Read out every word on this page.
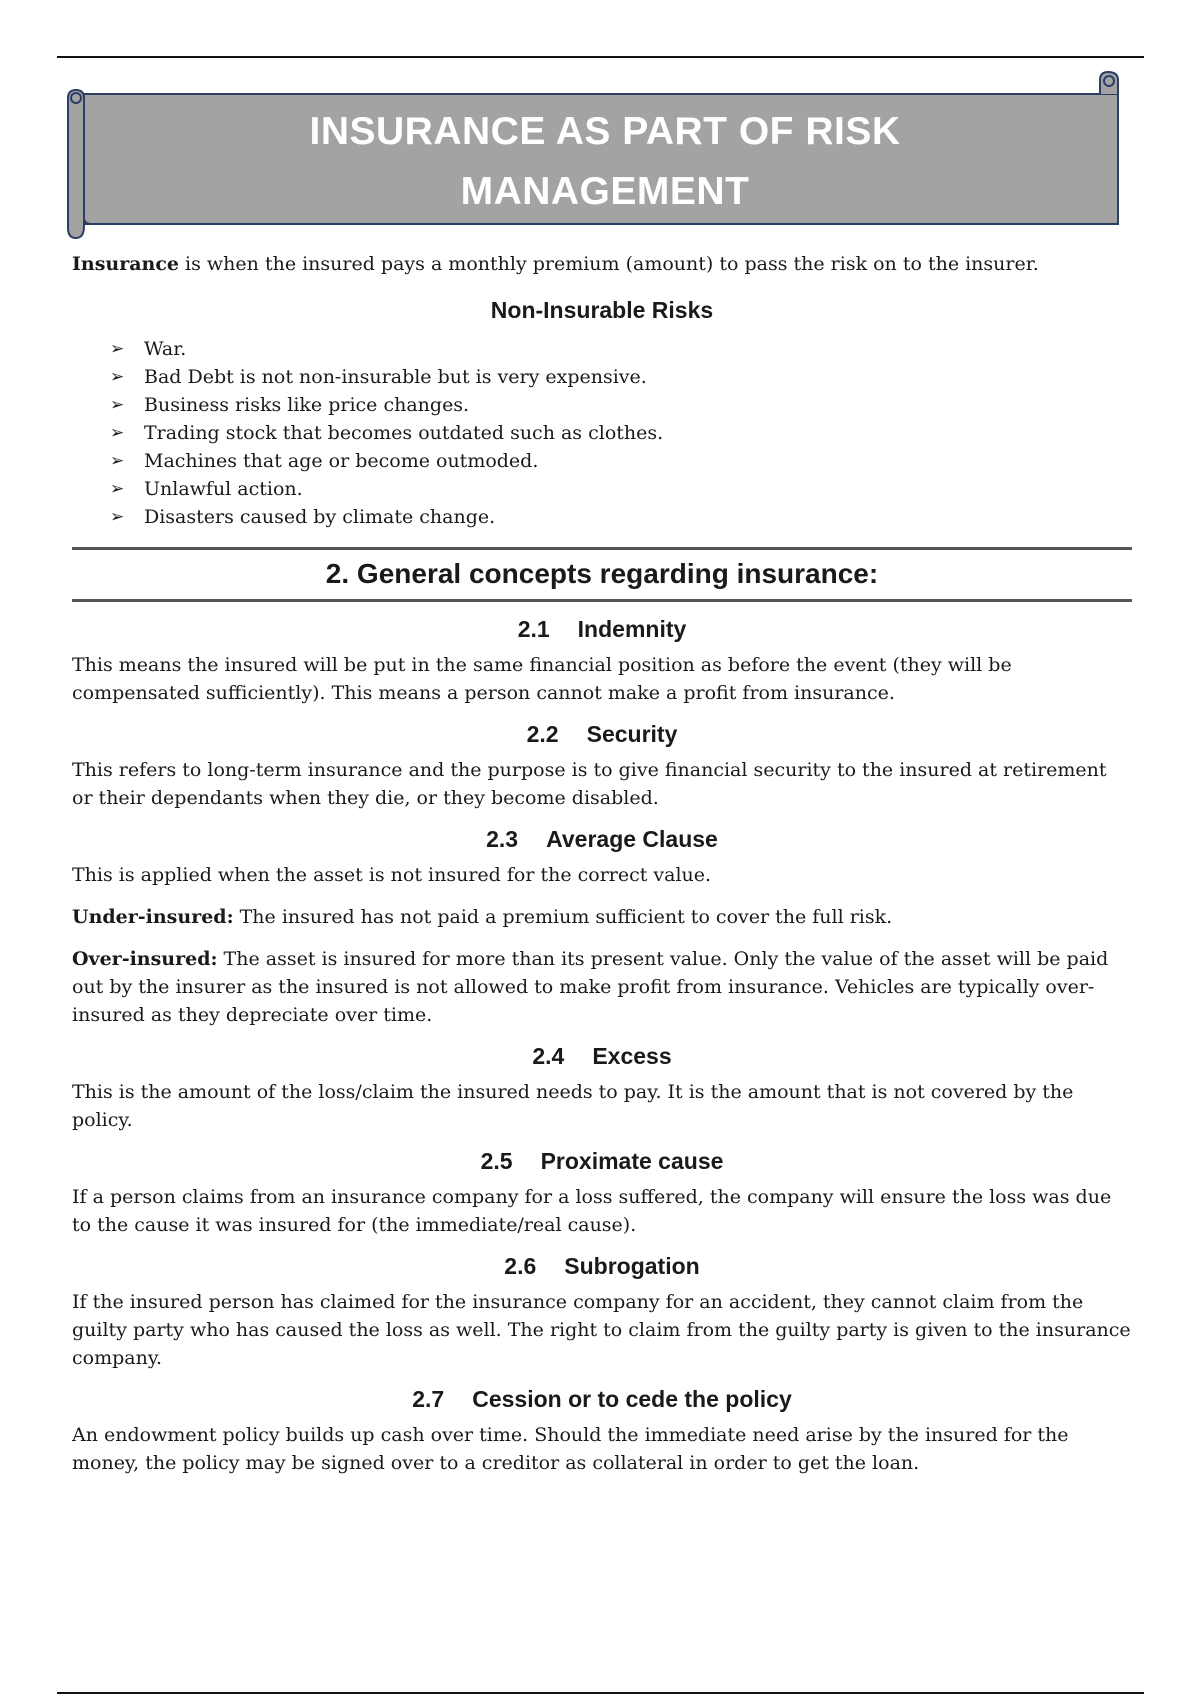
INSURANCE AS PART OF RISK
MANAGEMENT

Insurance is when the insured pays a monthly premium (amount) to pass the risk on to the insurer.

Non-Insurable Risks
➢ War.
➢ Bad Debt is not non-insurable but is very expensive.
➢ Business risks like price changes.
➢ Trading stock that becomes outdated such as clothes.
➢ Machines that age or become outmoded.
➢ Unlawful action.
➢ Disasters caused by climate change.
2. General concepts regarding insurance:
2.1 Indemnity

This means the insured will be put in the same financial position as before the event (they will be compensated sufficiently). This means a person cannot make a profit from insurance.

2.2 Security

This refers to long-term insurance and the purpose is to give financial security to the insured at retirement or their dependants when they die, or they become disabled.

2.3 Average Clause

This is applied when the asset is not insured for the correct value.

Under-insured: The insured has not paid a premium sufficient to cover the full risk.

Over-insured: The asset is insured for more than its present value. Only the value of the asset will be paid out by the insurer as the insured is not allowed to make profit from insurance. Vehicles are typically over-insured as they depreciate over time.

2.4 Excess

This is the amount of the loss/claim the insured needs to pay. It is the amount that is not covered by the policy.

2.5 Proximate cause

If a person claims from an insurance company for a loss suffered, the company will ensure the loss was due to the cause it was insured for (the immediate/real cause).

2.6 Subrogation

If the insured person has claimed for the insurance company for an accident, they cannot claim from the guilty party who has caused the loss as well. The right to claim from the guilty party is given to the insurance company.

2.7 Cession or to cede the policy

An endowment policy builds up cash over time. Should the immediate need arise by the insured for the money, the policy may be signed over to a creditor as collateral in order to get the loan.
